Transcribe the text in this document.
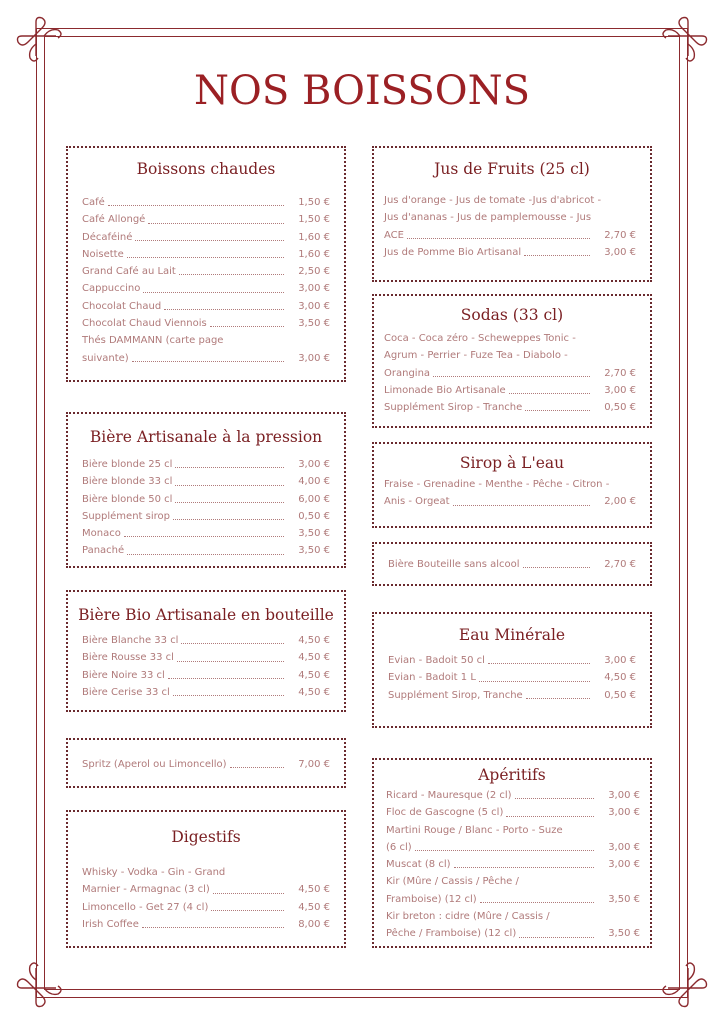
NOS BOISSONS
Boissons chaudes
Café	1,50 €
Café Allongé	1,50 €
Décaféiné	1,60 €
Noisette	1,60 €
Grand Café au Lait	2,50 €
Cappuccino	3,00 €
Chocolat Chaud	3,00 €
Chocolat Chaud Viennois	3,50 €
Thés DAMMANN (carte page
suivante)	3,00 €
Bière Artisanale à la pression
Bière blonde 25 cl	3,00 €
Bière blonde 33 cl	4,00 €
Bière blonde 50 cl	6,00 €
Supplément sirop	0,50 €
Monaco	3,50 €
Panaché	3,50 €
Bière Bio Artisanale en bouteille
Bière Blanche 33 cl	4,50 €
Bière Rousse 33 cl	4,50 €
Bière Noire 33 cl	4,50 €
Bière Cerise 33 cl	4,50 €
Spritz (Aperol ou Limoncello)	7,00 €
Digestifs
Whisky - Vodka - Gin - Grand
Marnier - Armagnac (3 cl)	4,50 €
Limoncello - Get 27 (4 cl)	4,50 €
Irish Coffee	8,00 €
Jus de Fruits (25 cl)
Jus d'orange - Jus de tomate -Jus d'abricot -
Jus d'ananas - Jus de pamplemousse - Jus
ACE	2,70 €
Jus de Pomme Bio Artisanal	3,00 €
Sodas (33 cl)
Coca - Coca zéro - Scheweppes Tonic -
Agrum - Perrier - Fuze Tea - Diabolo -
Orangina	2,70 €
Limonade Bio Artisanale	3,00 €
Supplément Sirop - Tranche	0,50 €
Sirop à L'eau
Fraise - Grenadine - Menthe - Pêche - Citron -
Anis - Orgeat	2,00 €
Bière Bouteille sans alcool	2,70 €
Eau Minérale
Evian - Badoit 50 cl	3,00 €
Evian - Badoit 1 L	4,50 €
Supplément Sirop, Tranche	0,50 €
Apéritifs
Ricard - Mauresque (2 cl)	3,00 €
Floc de Gascogne (5 cl)	3,00 €
Martini Rouge / Blanc - Porto - Suze
(6 cl)	3,00 €
Muscat (8 cl)	3,00 €
Kir (Mûre / Cassis / Pêche /
Framboise) (12 cl)	3,50 €
Kir breton : cidre (Mûre / Cassis /
Pêche / Framboise) (12 cl)	3,50 €
